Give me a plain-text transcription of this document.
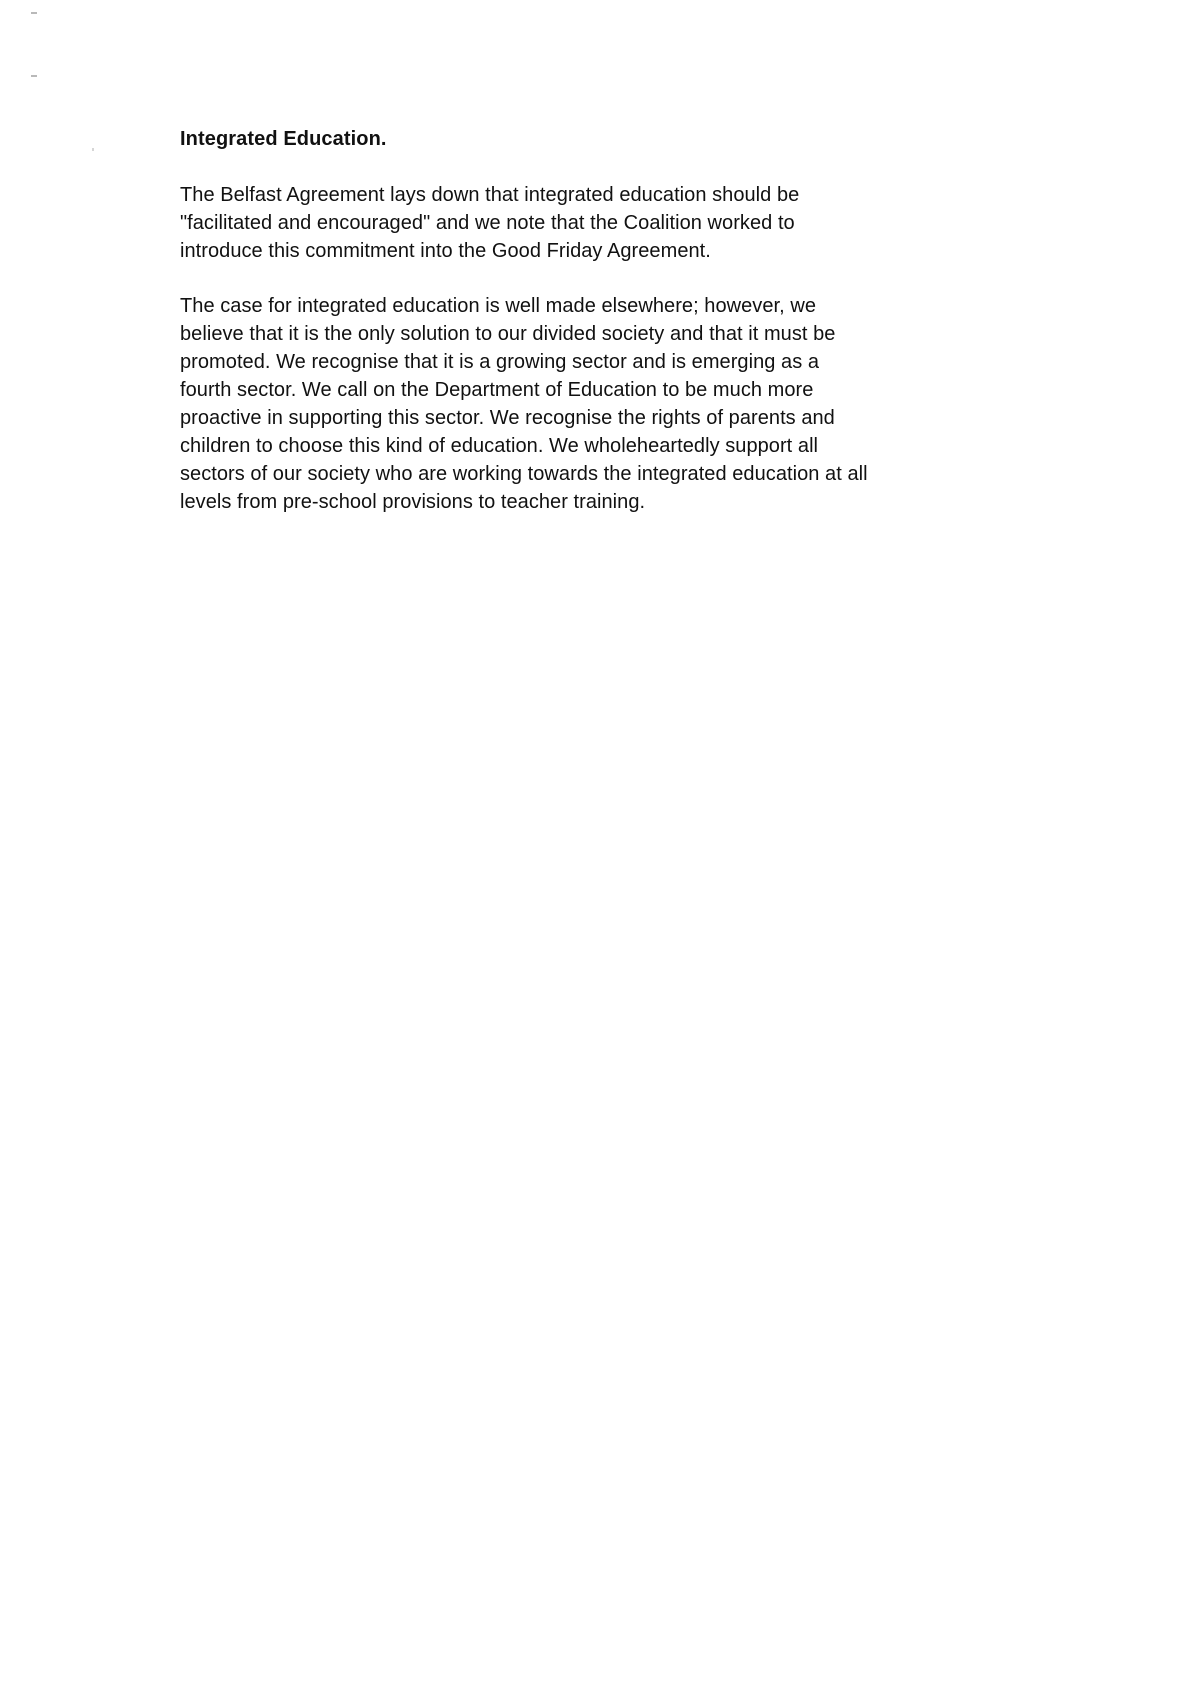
Integrated Education.

The Belfast Agreement lays down that integrated education should be
"facilitated and encouraged" and we note that the Coalition worked to
introduce this commitment into the Good Friday Agreement.

The case for integrated education is well made elsewhere; however, we
believe that it is the only solution to our divided society and that it must be
promoted. We recognise that it is a growing sector and is emerging as a
fourth sector. We call on the Department of Education to be much more
proactive in supporting this sector. We recognise the rights of parents and
children to choose this kind of education. We wholeheartedly support all
sectors of our society who are working towards the integrated education at all
levels from pre-school provisions to teacher training.
